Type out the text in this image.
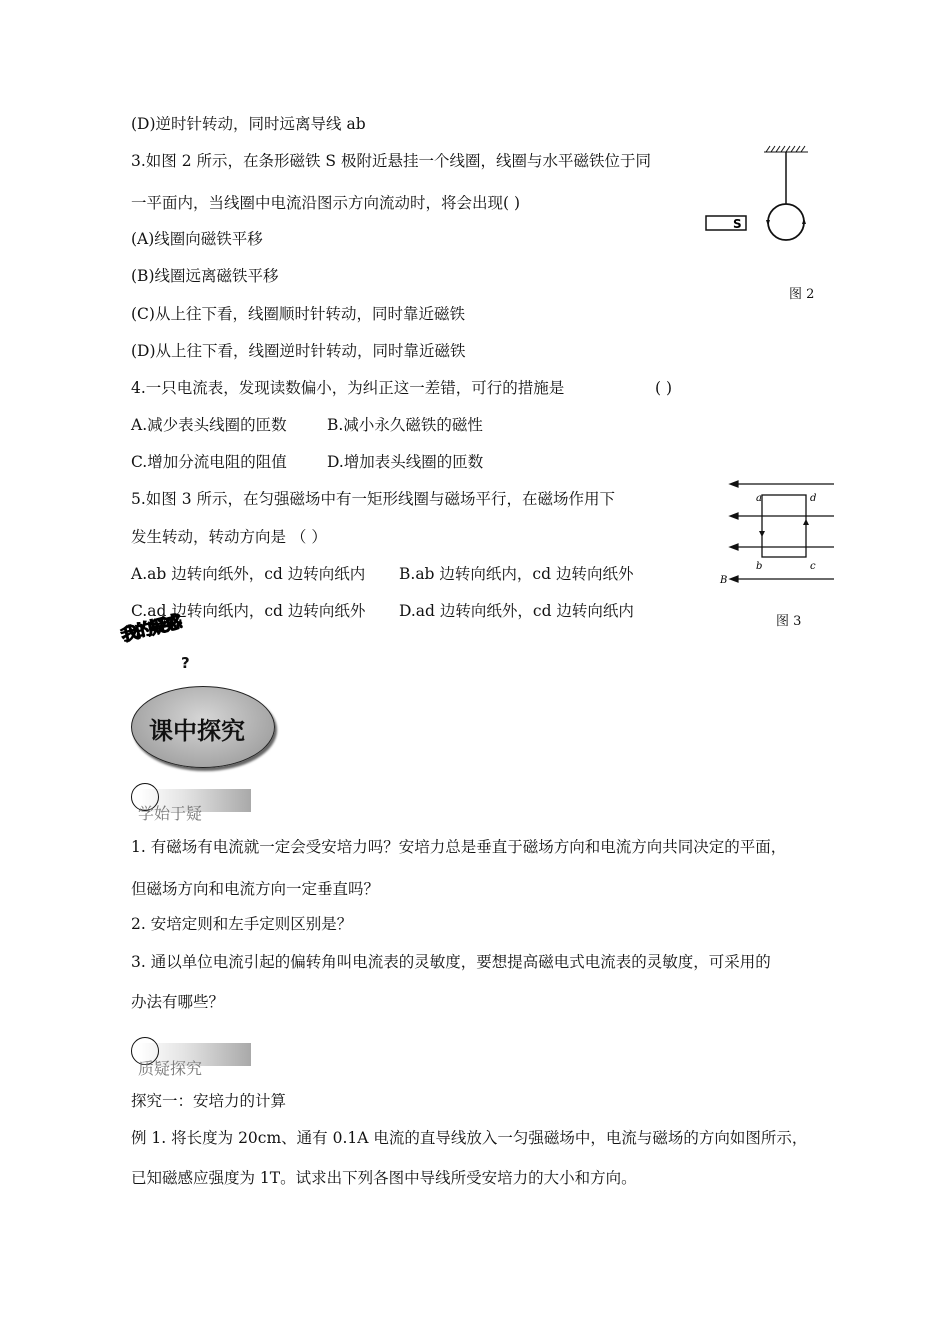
(D)逆时针转动，同时远离导线 ab
3.如图 2 所示，在条形磁铁 S 极附近悬挂一个线圈，线圈与水平磁铁位于同
一平面内，当线圈中电流沿图示方向流动时，将会出现( )
(A)线圈向磁铁平移
(B)线圈远离磁铁平移
(C)从上往下看，线圈顺时针转动，同时靠近磁铁
(D)从上往下看，线圈逆时针转动，同时靠近磁铁
4.一只电流表，发现读数偏小，为纠正这一差错，可行的措施是	( )
A.减少表头线圈的匝数	B.减小永久磁铁的磁性
C.增加分流电阻的阻值	D.增加表头线圈的匝数
5.如图 3 所示，在匀强磁场中有一矩形线圈与磁场平行，在磁场作用下
发生转动，转动方向是 （ ）
A.ab 边转向纸外，cd 边转向纸内 B.ab 边转向纸内，cd 边转向纸外
C.ad 边转向纸内，cd 边转向纸外 D.ad 边转向纸外，cd 边转向纸内
S
图 2
a	d
b	c
B
图 3
我的疑惑
?
课中探究
学始于疑
1. 有磁场有电流就一定会受安培力吗？安培力总是垂直于磁场方向和电流方向共同决定的平面，
但磁场方向和电流方向一定垂直吗？
2. 安培定则和左手定则区别是？
3. 通以单位电流引起的偏转角叫电流表的灵敏度，要想提高磁电式电流表的灵敏度，可采用的
办法有哪些？
质疑探究
探究一：安培力的计算
例 1. 将长度为 20cm、通有 0.1A 电流的直导线放入一匀强磁场中，电流与磁场的方向如图所示，
已知磁感应强度为 1T。试求出下列各图中导线所受安培力的大小和方向。
